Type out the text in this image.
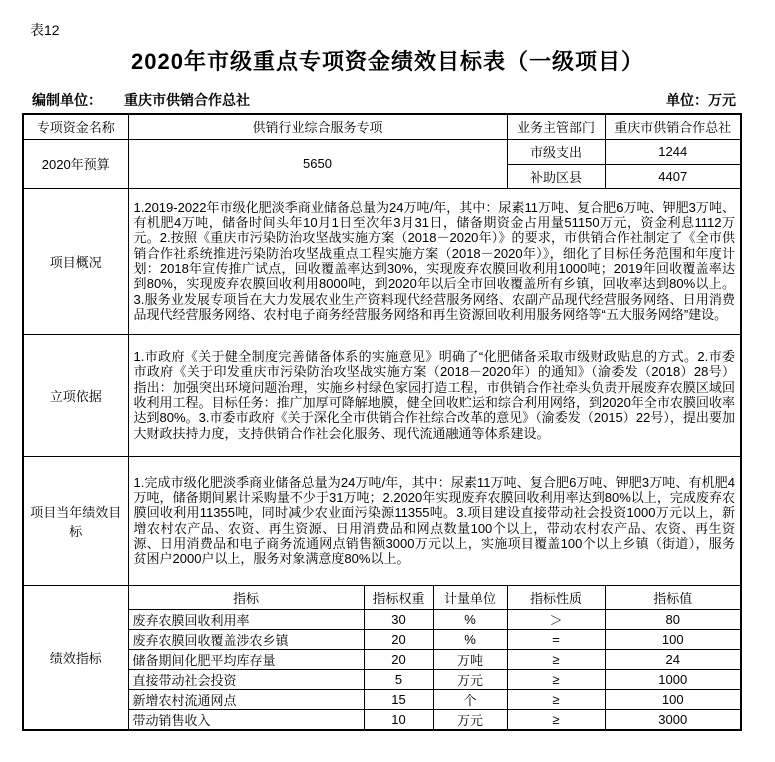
表12
2020年市级重点专项资金绩效目标表（一级项目）
编制单位： 重庆市供销合作总社	单位：万元
专项资金名称	供销行业综合服务专项			业务主管部门	重庆市供销合作总社
2020年预算	5650			市级支出	1244
				补助区县	4407
项目概况	1.2019-2022年市级化肥淡季商业储备总量为24万吨/年，其中：尿素11万吨、复合肥6万吨、钾肥3万吨、有机肥4万吨，储备时间头年10月1日至次年3月31日，储备期资金占用量51150万元，资金利息1112万元。2.按照《重庆市污染防治攻坚战实施方案（2018－2020年）》的要求，市供销合作社制定了《全市供销合作社系统推进污染防治攻坚战重点工程实施方案（2018－2020年）》，细化了目标任务范围和年度计划：2018年宣传推广试点，回收覆盖率达到30%，实现废弃农膜回收利用1000吨；2019年回收覆盖率达到80%，实现废弃农膜回收利用8000吨，到2020年以后全市回收覆盖所有乡镇，回收率达到80%以上。3.服务业发展专项旨在大力发展农业生产资料现代经营服务网络、农副产品现代经营服务网络、日用消费品现代经营服务网络、农村电子商务经营服务网络和再生资源回收利用服务网络等“五大服务网络”建设。				
立项依据	1.市政府《关于健全制度完善储备体系的实施意见》明确了“化肥储备采取市级财政贴息的方式。2.市委 市政府《关于印发重庆市污染防治攻坚战实施方案（2018－2020年）的通知》（渝委发（2018）28号）指出：加强突出环境问题治理，实施乡村绿色家园打造工程，市供销合作社牵头负责开展废弃农膜区域回收利用工程。目标任务：推广加厚可降解地膜，健全回收贮运和综合利用网络，到2020年全市农膜回收率达到80%。3.市委市政府《关于深化全市供销合作社综合改革的意见》（渝委发（2015）22号），提出要加大财政扶持力度，支持供销合作社会化服务、现代流通融通等体系建设。				
项目当年绩效目标	1.完成市级化肥淡季商业储备总量为24万吨/年，其中：尿素11万吨、复合肥6万吨、钾肥3万吨、有机肥4万吨，储备期间累计采购量不少于31万吨；2.2020年实现废弃农膜回收利用率达到80%以上，完成废弃农膜回收利用11355吨，同时减少农业面污染源11355吨。3.项目建设直接带动社会投资1000万元以上，新增农村农产品、农资、再生资源、日用消费品和网点数量100个以上，带动农村农产品、农资、再生资源、日用消费品和电子商务流通网点销售额3000万元以上，实施项目覆盖100个以上乡镇（街道），服务贫困户2000户以上，服务对象满意度80%以上。				
绩效指标	指标	指标权重	计量单位	指标性质	指标值
	废弃农膜回收利用率	30	%	＞	80
	废弃农膜回收覆盖涉农乡镇	20	%	=	100
	储备期间化肥平均库存量	20	万吨	≥	24
	直接带动社会投资	5	万元	≥	1000
	新增农村流通网点	15	个	≥	100
	带动销售收入	10	万元	≥	3000
